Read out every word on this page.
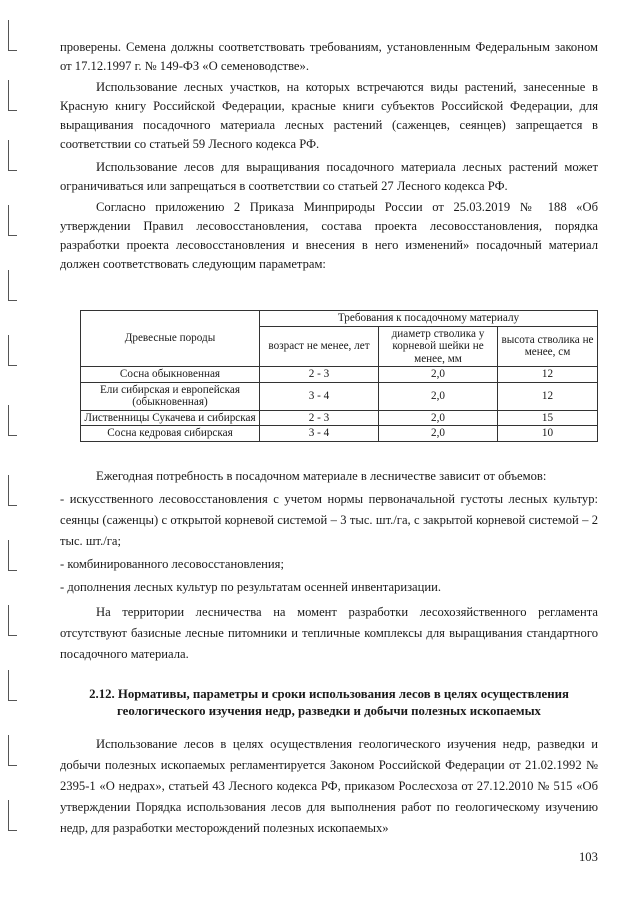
проверены. Семена должны соответствовать требованиям, установленным Федеральным законом от 17.12.1997 г. № 149-ФЗ «О семеноводстве».

Использование лесных участков, на которых встречаются виды растений, занесенные в Красную книгу Российской Федерации, красные книги субъектов Российской Федерации, для выращивания посадочного материала лесных растений (саженцев, сеянцев) запрещается в соответствии со статьей 59 Лесного кодекса РФ.

Использование лесов для выращивания посадочного материала лесных растений может ограничиваться или запрещаться в соответствии со статьей 27 Лесного кодекса РФ.

Согласно приложению 2 Приказа Минприроды России от 25.03.2019 № 188 «Об утверждении Правил лесовосстановления, состава проекта лесовосстановления, порядка разработки проекта лесовосстановления и внесения в него изменений» посадочный материал должен соответствовать следующим параметрам:

Древесные породы	Требования к посадочному материалу		
	возраст не менее, лет	диаметр стволика у корневой шейки не менее, мм	высота стволика не менее, см
Сосна обыкновенная	2 - 3	2,0	12
Ели сибирская и европейская (обыкновенная)	3 - 4	2,0	12
Лиственницы Сукачева и сибирская	2 - 3	2,0	15
Сосна кедровая сибирская	3 - 4	2,0	10

Ежегодная потребность в посадочном материале в лесничестве зависит от объемов:

- искусственного лесовосстановления с учетом нормы первоначальной густоты лесных культур: сеянцы (саженцы) с открытой корневой системой – 3 тыс. шт./га, с закрытой корневой системой – 2 тыс. шт./га;

- комбинированного лесовосстановления;

- дополнения лесных культур по результатам осенней инвентаризации.

На территории лесничества на момент разработки лесохозяйственного регламента отсутствуют базисные лесные питомники и тепличные комплексы для выращивания стандартного посадочного материала.

2.12. Нормативы, параметры и сроки использования лесов в целях осуществления геологического изучения недр, разведки и добычи полезных ископаемых

Использование лесов в целях осуществления геологического изучения недр, разведки и добычи полезных ископаемых регламентируется Законом Российской Федерации от 21.02.1992 № 2395-1 «О недрах», статьей 43 Лесного кодекса РФ, приказом Рослесхоза от 27.12.2010 № 515 «Об утверждении Порядка использования лесов для выполнения работ по геологическому изучению недр, для разработки месторождений полезных ископаемых»

103
